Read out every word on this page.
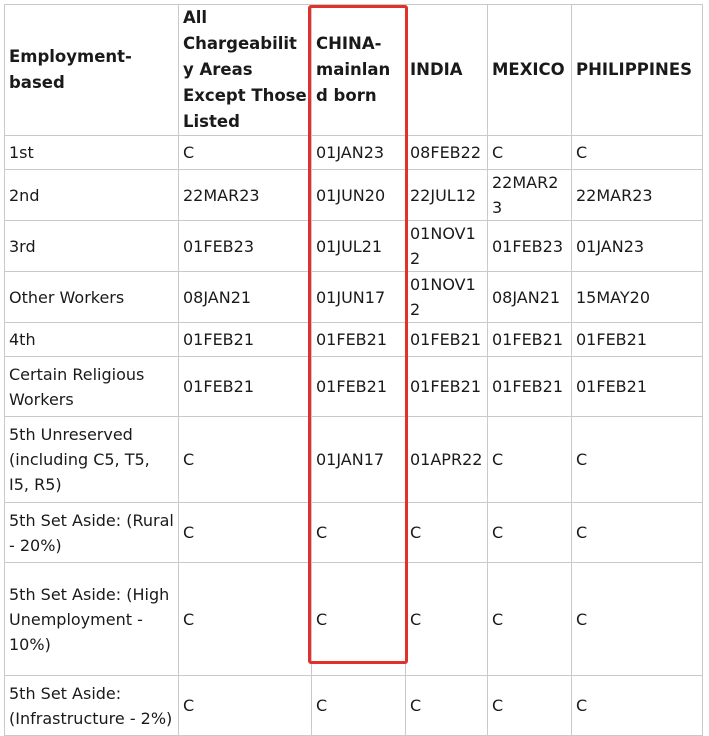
Employment-based	All Chargeability Areas Except Those Listed	CHINA-mainland born	INDIA	MEXICO	PHILIPPINES
1st	C	01JAN23	08FEB22	C	C
2nd	22MAR23	01JUN20	22JUL12	22MAR23	22MAR23
3rd	01FEB23	01JUL21	01NOV12	01FEB23	01JAN23
Other Workers	08JAN21	01JUN17	01NOV12	08JAN21	15MAY20
4th	01FEB21	01FEB21	01FEB21	01FEB21	01FEB21
Certain Religious Workers	01FEB21	01FEB21	01FEB21	01FEB21	01FEB21
5th Unreserved (including C5, T5, I5, R5)	C	01JAN17	01APR22	C	C
5th Set Aside: (Rural - 20%)	C	C	C	C	C
5th Set Aside: (High Unemployment - 10%)	C	C	C	C	C
5th Set Aside: (Infrastructure - 2%)	C	C	C	C	C
